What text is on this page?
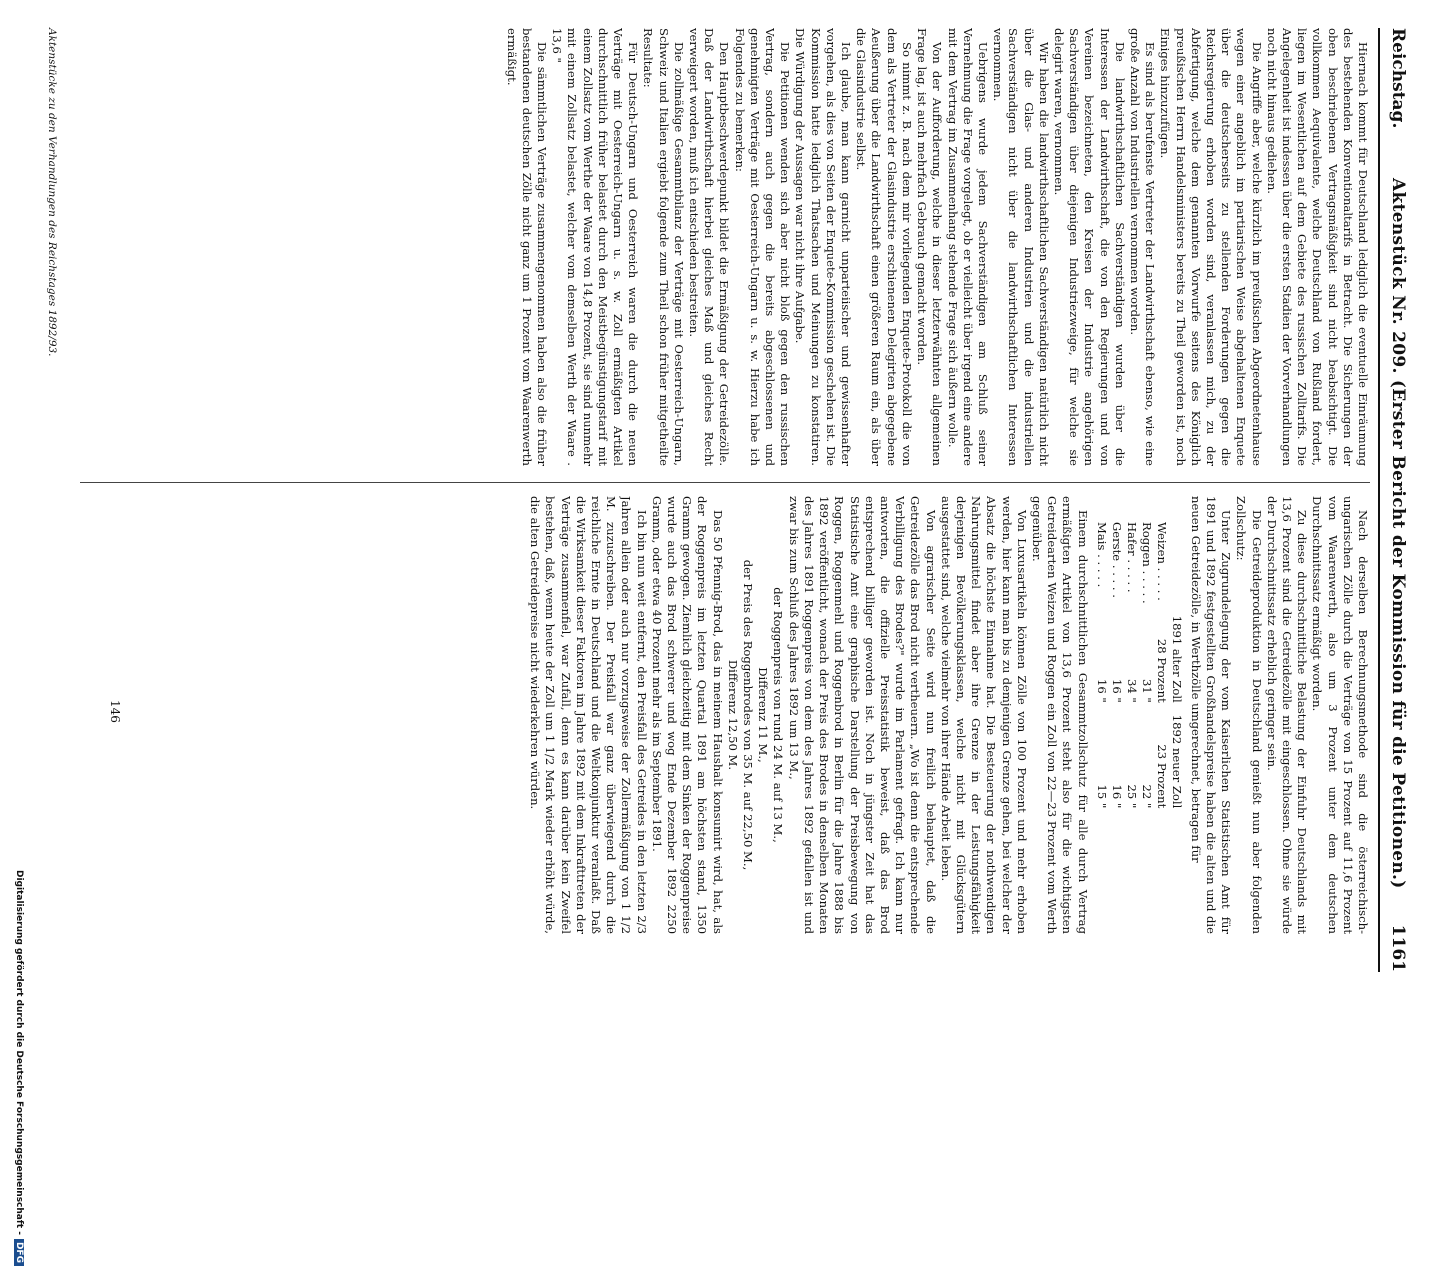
Reichstag.
Aktenstück Nr. 209. (Erster Bericht der Kommission für die Petitionen.)
1161

Hiernach kommt für Deutschland lediglich die eventuelle Einräumung des bestehenden Konventionaltarifs in Betracht. Die Sicherungen der oben beschriebenen Vertragsmäßigkeit sind nicht beabsichtigt. Die vollkommen Aequivalente, welche Deutschland von Rußland fordert, liegen im Wesentlichen auf dem Gebiete des russischen Zolltarifs. Die Angelegenheit ist indessen über die ersten Stadien der Vorverhandlungen noch nicht hinaus gediehen.

Die Angriffe aber, welche kürzlich im preußischen Abgeordnetenhause wegen einer angeblich im partiarischen Weise abgehaltenen Enquete über die deutscherseits zu stellenden Forderungen gegen die Reichsregierung erhoben worden sind, veranlassen mich, zu der Abfertigung, welche dem genannten Vorwurfe seitens des Königlich preußischen Herrn Handelsministers bereits zu Theil geworden ist, noch Einiges hinzuzufügen.

Es sind als berufenste Vertreter der Landwirthschaft ebenso, wie eine große Anzahl von Industriellen vernommen worden.

Die landwirthschaftlichen Sachverständigen wurden über die Interessen der Landwirthschaft, die von den Regierungen und von Vereinen bezeichneten, den Kreisen der Industrie angehörigen Sachverständigen über diejenigen Industriezweige, für welche sie delegirt waren, vernommen.

Wir haben die landwirthschaftlichen Sachverständigen natürlich nicht über die Glas- und anderen Industrien und die industriellen Sachverständigen nicht über die landwirthschaftlichen Interessen vernommen.

Uebrigens wurde jedem Sachverständigen am Schluß seiner Vernehmung die Frage vorgelegt, ob er vielleicht über irgend eine andere mit dem Vertrag im Zusammenhang stehende Frage sich äußern wolle.

Von der Aufforderung, welche in dieser letzterwähnten allgemeinen Frage lag, ist auch mehrfach Gebrauch gemacht worden.

So nimmt z. B. nach dem mir vorliegenden Enquete-Protokoll die von dem als Vertreter der Glasindustrie erschienenen Delegirten abgegebene Aeußerung über die Landwirthschaft einen größeren Raum ein, als über die Glasindustrie selbst.

Ich glaube, man kann garnicht unparteiischer und gewissenhafter vorgehen, als dies von Seiten der Enquete-Kommission geschehen ist. Die Kommission hatte lediglich Thatsachen und Meinungen zu konstatiren. Die Würdigung der Aussagen war nicht ihre Aufgabe.

Die Petitionen wenden sich aber nicht bloß gegen den russischen Vertrag, sondern auch gegen die bereits abgeschlossenen und genehmigten Verträge mit Oesterreich-Ungarn u. s. w. Hierzu habe ich Folgendes zu bemerken:

Den Hauptbeschwerdepunkt bildet die Ermäßigung der Getreidezölle. Daß der Landwirthschaft hierbei gleiches Maß und gleiches Recht verweigert worden, muß ich entschieden bestreiten.

Die zollmäßige Gesammtbilanz der Verträge mit Oesterreich-Ungarn, Schweiz und Italien ergiebt folgende zum Theil schon früher mitgetheilte Resultate:

Für Deutsch-Ungarn und Oesterreich waren die durch die neuen Verträge mit Oesterreich-Ungarn u. s. w. Zoll ermäßigten Artikel durchschnittlich früher belastet durch den Meistbegünstigungstarif mit einem Zollsatz vom Werthe der Waare von 14,8 Prozent, sie sind nunmehr mit einem Zollsatz belastet, welcher vom demselben Werth der Waare . 13,6 "

Die sämmtlichen Verträge zusammengenommen haben also die früher bestandenen deutschen Zölle nicht ganz um 1 Prozent vom Waarenwerth ermäßigt.

Nach derselben Berechnungsmethode sind die österreichisch-ungarischen Zölle durch die Verträge von 15 Prozent auf 11,6 Prozent vom Waarenwerth, also um 3 Prozent unter dem deutschen Durchschnittssatz ermäßigt worden.

Zu diese durchschnittliche Belastung der Einfuhr Deutschlands mit 13,6 Prozent sind die Getreidezölle mit eingeschlossen. Ohne sie würde der Durchschnittssatz erheblich geringer sein.

Die Getreideproduktion in Deutschland genießt nun aber folgenden Zollschutz:

Unter Zugrundelegung der vom Kaiserlichen Statistischen Amt für 1891 und 1892 festgestellten Großhandelspreise haben die alten und die neuen Getreidezölle, in Werthzölle umgerechnet, betragen für

	1891 alter Zoll	1892 neuer Zoll
Weizen . . . . .	28 Prozent	23 Prozent
Roggen . . . . .	31 "	22 "
Hafer . . . . .	34 "	25 "
Gerste . . . . .	16 "	16 "
Mais . . . . .	16 "	15 "

Einem durchschnittlichen Gesammtzollschutz für alle durch Vertrag ermäßigten Artikel von 13,6 Prozent steht also für die wichtigsten Getreidearten Weizen und Roggen ein Zoll von 22—23 Prozent vom Werth gegenüber.

Von Luxusartikeln können Zölle von 100 Prozent und mehr erhoben werden, hier kann man bis zu demjenigen Grenze gehen, bei welcher der Absatz die höchste Einnahme hat. Die Besteuerung der nothwendigen Nahrungsmittel findet aber ihre Grenze in der Leistungsfähigkeit derjenigen Bevölkerungsklassen, welche nicht mit Glücksgütern ausgestattet sind, welche vielmehr von ihrer Hände Arbeit leben.

Von agrarischer Seite wird nun freilich behauptet, daß die Getreidezölle das Brod nicht vertheuern. „Wo ist denn die entsprechende Verbilligung des Brodes?" wurde im Parlament gefragt. Ich kann nur antworten, die offizielle Preisstatistik beweist, daß das Brod entsprechend billiger geworden ist. Noch in jüngster Zeit hat das Statistische Amt eine graphische Darstellung der Preisbewegung von Roggen, Roggenmehl und Roggenbrod in Berlin für die Jahre 1888 bis 1892 veröffentlicht, wonach der Preis des Brodes in denselben Monaten des Jahres 1891 Roggenpreis von dem des Jahres 1892 gefallen ist und zwar bis zum Schluß des Jahres 1892 um 13 M.,

der Roggenpreis von rund 24 M. auf 13 M.,

Differenz 11 M.,

der Preis des Roggenbrodes von 35 M. auf 22,50 M.,

Differenz 12,50 M.

Das 50 Pfennig-Brod, das in meinem Haushalt konsumirt wird, hat, als der Roggenpreis im letzten Quartal 1891 am höchsten stand, 1350 Gramm gewogen. Ziemlich gleichzeitig mit dem Sinken der Roggenpreise wurde auch das Brod schwerer und wog Ende Dezember 1892 2250 Gramm, oder etwa 40 Prozent mehr als im September 1891.

Ich bin nun weit entfernt, den Preisfall des Getreides in den letzten 2/3 Jahren allein oder auch nur vorzugsweise der Zollermäßigung von 1 1/2 M. zuzuschreiben. Der Preisfall war ganz überwiegend durch die reichliche Ernte in Deutschland und die Weltkonjunktur veranlaßt. Daß die Wirksamkeit dieser Faktoren im Jahre 1892 mit dem Inkrafttreten der Verträge zusammenfiel, war Zufall, denn es kann darüber kein Zweifel bestehen, daß, wenn heute der Zoll um 1 1/2 Mark wieder erhöht würde, die alten Getreidepreise nicht wiederkehren würden.

146
Aktenstücke zu den Verhandlungen des Reichstages 1892/93.
Digitalisierung gefördert durch die Deutsche Forschungsgemeinschaft -DFG
